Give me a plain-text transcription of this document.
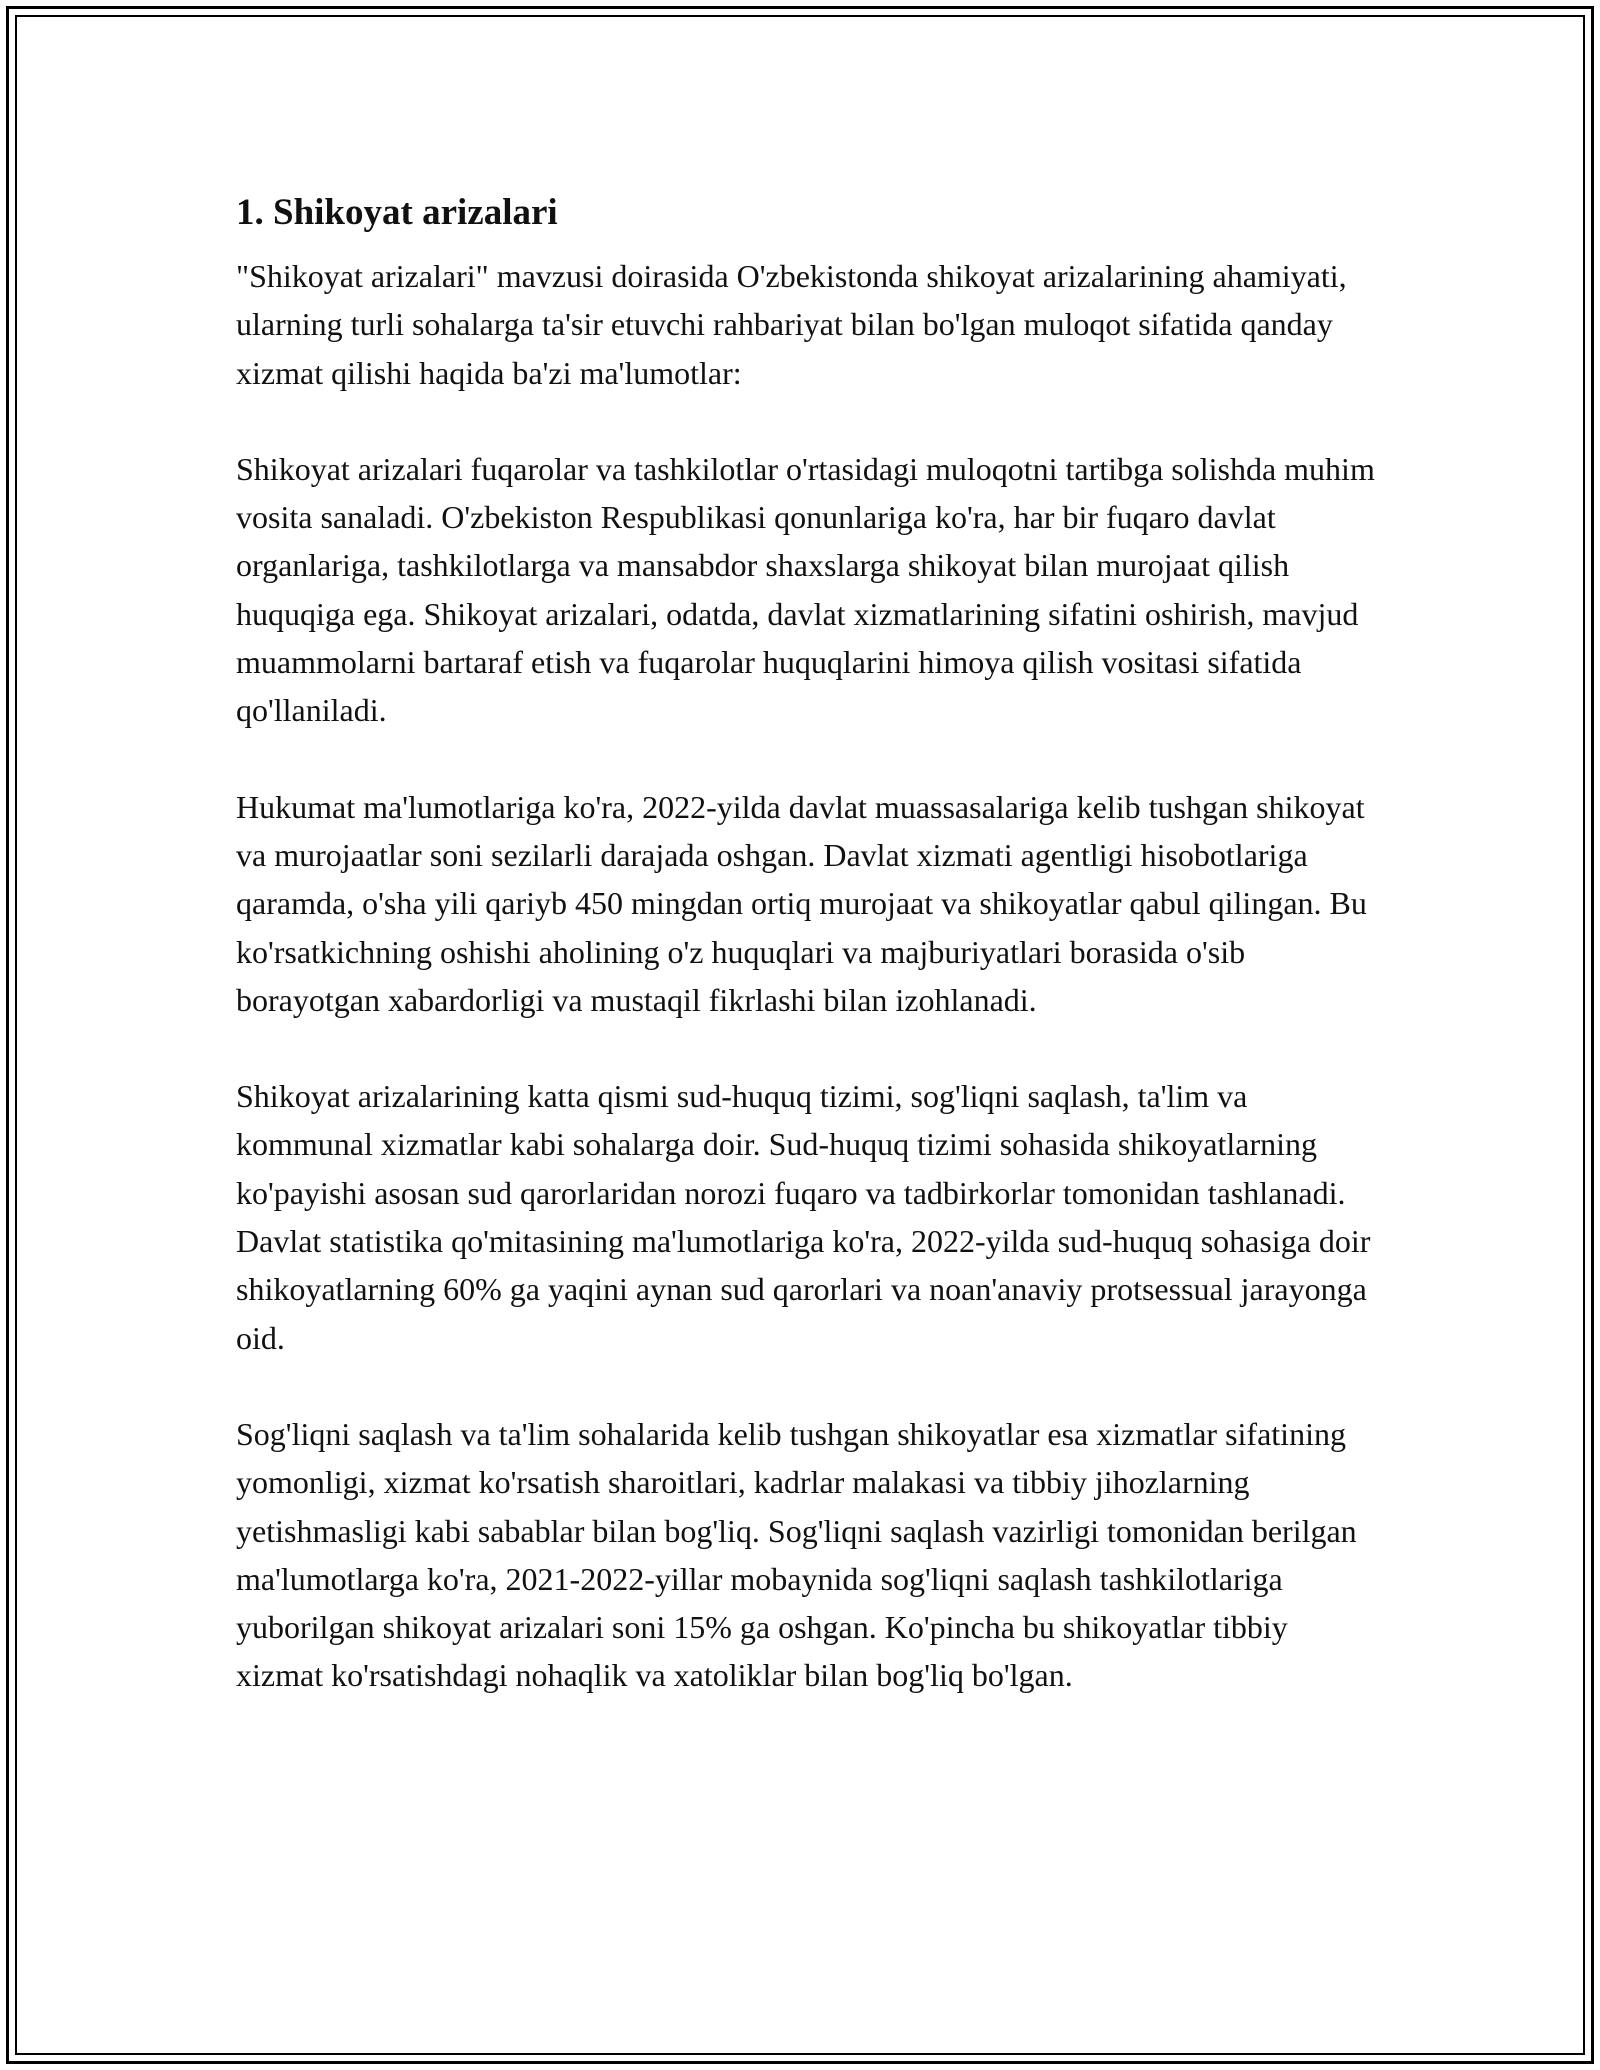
1. Shikoyat arizalari

"Shikoyat arizalari" mavzusi doirasida O'zbekistonda shikoyat arizalarining ahamiyati, ularning turli sohalarga ta'sir etuvchi rahbariyat bilan bo'lgan muloqot sifatida qanday xizmat qilishi haqida ba'zi ma'lumotlar:

Shikoyat arizalari fuqarolar va tashkilotlar o'rtasidagi muloqotni tartibga solishda muhim vosita sanaladi. O'zbekiston Respublikasi qonunlariga ko'ra, har bir fuqaro davlat organlariga, tashkilotlarga va mansabdor shaxslarga shikoyat bilan murojaat qilish huquqiga ega. Shikoyat arizalari, odatda, davlat xizmatlarining sifatini oshirish, mavjud muammolarni bartaraf etish va fuqarolar huquqlarini himoya qilish vositasi sifatida qo'llaniladi.

Hukumat ma'lumotlariga ko'ra, 2022-yilda davlat muassasalariga kelib tushgan shikoyat va murojaatlar soni sezilarli darajada oshgan. Davlat xizmati agentligi hisobotlariga qaramda, o'sha yili qariyb 450 mingdan ortiq murojaat va shikoyatlar qabul qilingan. Bu ko'rsatkichning oshishi aholining o'z huquqlari va majburiyatlari borasida o'sib borayotgan xabardorligi va mustaqil fikrlashi bilan izohlanadi.

Shikoyat arizalarining katta qismi sud-huquq tizimi, sog'liqni saqlash, ta'lim va kommunal xizmatlar kabi sohalarga doir. Sud-huquq tizimi sohasida shikoyatlarning ko'payishi asosan sud qarorlaridan norozi fuqaro va tadbirkorlar tomonidan tashlanadi. Davlat statistika qo'mitasining ma'lumotlariga ko'ra, 2022-yilda sud-huquq sohasiga doir shikoyatlarning 60% ga yaqini aynan sud qarorlari va noan'anaviy protsessual jarayonga oid.

Sog'liqni saqlash va ta'lim sohalarida kelib tushgan shikoyatlar esa xizmatlar sifatining yomonligi, xizmat ko'rsatish sharoitlari, kadrlar malakasi va tibbiy jihozlarning yetishmasligi kabi sabablar bilan bog'liq. Sog'liqni saqlash vazirligi tomonidan berilgan ma'lumotlarga ko'ra, 2021-2022-yillar mobaynida sog'liqni saqlash tashkilotlariga yuborilgan shikoyat arizalari soni 15% ga oshgan. Ko'pincha bu shikoyatlar tibbiy xizmat ko'rsatishdagi nohaqlik va xatoliklar bilan bog'liq bo'lgan.
